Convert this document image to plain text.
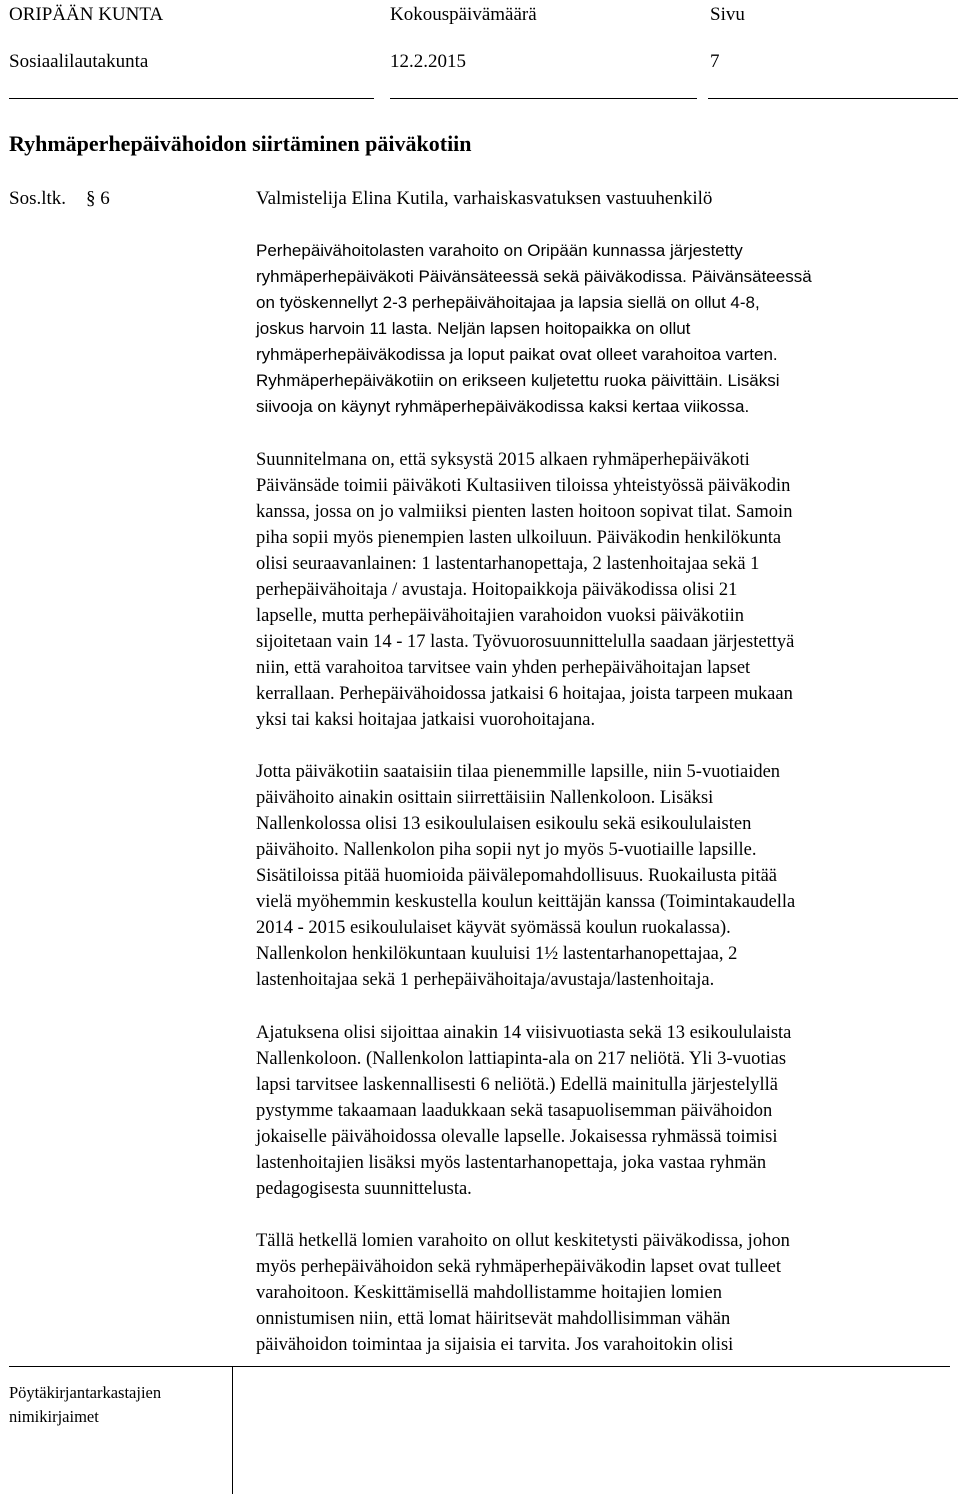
ORIPÄÄN KUNTA	Kokouspäivämäärä	Sivu
Sosiaalilautakunta	12.2.2015	7
Ryhmäperhepäivähoidon siirtäminen päiväkotiin
Sos.ltk. § 6	Valmistelija Elina Kutila, varhaiskasvatuksen vastuuhenkilö
Perhepäivähoitolasten varahoito on Oripään kunnassa järjestetty
ryhmäperhepäiväkoti Päivänsäteessä sekä päiväkodissa. Päivänsäteessä
on työskennellyt 2-3 perhepäivähoitajaa ja lapsia siellä on ollut 4-8,
joskus harvoin 11 lasta. Neljän lapsen hoitopaikka on ollut
ryhmäperhepäiväkodissa ja loput paikat ovat olleet varahoitoa varten.
Ryhmäperhepäiväkotiin on erikseen kuljetettu ruoka päivittäin. Lisäksi
siivooja on käynyt ryhmäperhepäiväkodissa kaksi kertaa viikossa.
Suunnitelmana on, että syksystä 2015 alkaen ryhmäperhepäiväkoti
Päivänsäde toimii päiväkoti Kultasiiven tiloissa yhteistyössä päiväkodin
kanssa, jossa on jo valmiiksi pienten lasten hoitoon sopivat tilat. Samoin
piha sopii myös pienempien lasten ulkoiluun. Päiväkodin henkilökunta
olisi seuraavanlainen: 1 lastentarhanopettaja, 2 lastenhoitajaa sekä 1
perhepäivähoitaja / avustaja. Hoitopaikkoja päiväkodissa olisi 21
lapselle, mutta perhepäivähoitajien varahoidon vuoksi päiväkotiin
sijoitetaan vain 14 - 17 lasta. Työvuorosuunnittelulla saadaan järjestettyä
niin, että varahoitoa tarvitsee vain yhden perhepäivähoitajan lapset
kerrallaan. Perhepäivähoidossa jatkaisi 6 hoitajaa, joista tarpeen mukaan
yksi tai kaksi hoitajaa jatkaisi vuorohoitajana.
Jotta päiväkotiin saataisiin tilaa pienemmille lapsille, niin 5-vuotiaiden
päivähoito ainakin osittain siirrettäisiin Nallenkoloon. Lisäksi
Nallenkolossa olisi 13 esikoululaisen esikoulu sekä esikoululaisten
päivähoito. Nallenkolon piha sopii nyt jo myös 5-vuotiaille lapsille.
Sisätiloissa pitää huomioida päivälepomahdollisuus. Ruokailusta pitää
vielä myöhemmin keskustella koulun keittäjän kanssa (Toimintakaudella
2014 - 2015 esikoululaiset käyvät syömässä koulun ruokalassa).
Nallenkolon henkilökuntaan kuuluisi 1½ lastentarhanopettajaa, 2
lastenhoitajaa sekä 1 perhepäivähoitaja/avustaja/lastenhoitaja.
Ajatuksena olisi sijoittaa ainakin 14 viisivuotiasta sekä 13 esikoululaista
Nallenkoloon. (Nallenkolon lattiapinta-ala on 217 neliötä. Yli 3-vuotias
lapsi tarvitsee laskennallisesti 6 neliötä.) Edellä mainitulla järjestelyllä
pystymme takaamaan laadukkaan sekä tasapuolisemman päivähoidon
jokaiselle päivähoidossa olevalle lapselle. Jokaisessa ryhmässä toimisi
lastenhoitajien lisäksi myös lastentarhanopettaja, joka vastaa ryhmän
pedagogisesta suunnittelusta.
Tällä hetkellä lomien varahoito on ollut keskitetysti päiväkodissa, johon
myös perhepäivähoidon sekä ryhmäperhepäiväkodin lapset ovat tulleet
varahoitoon. Keskittämisellä mahdollistamme hoitajien lomien
onnistumisen niin, että lomat häiritsevät mahdollisimman vähän
päivähoidon toimintaa ja sijaisia ei tarvita. Jos varahoitokin olisi
Pöytäkirjantarkastajien
nimikirjaimet
